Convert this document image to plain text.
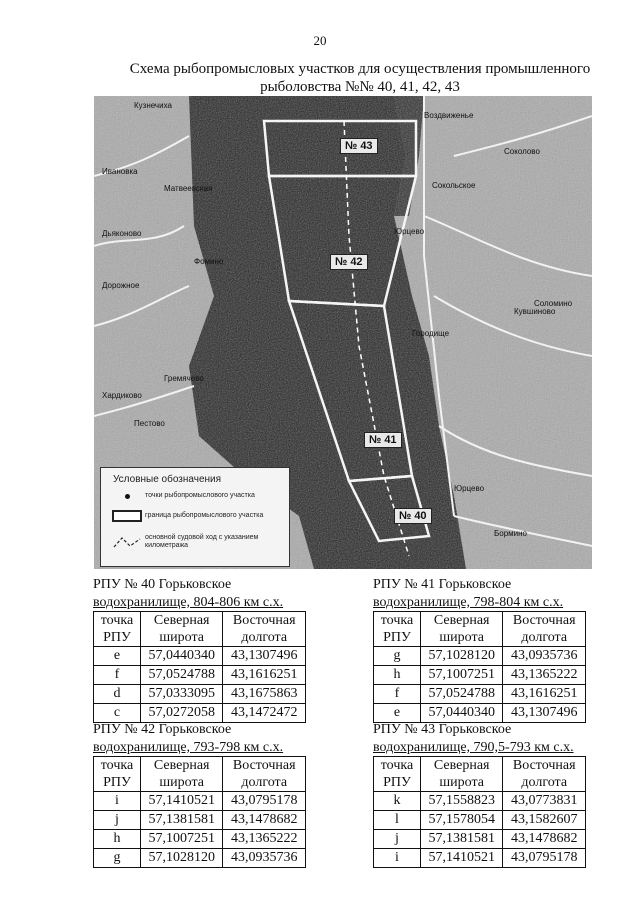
20
Схема рыбопромысловых участков для осуществления промышленного
рыболовства №№ 40, 41, 42, 43
Кузнечиха
Воздвиженье
Соколово
Ивановка
Матвеевская
Дьяконово
Сокольское
Дорожное
Фомино
Юрцево
Городище
Кувшиново
Гремячево
Хардиково
Пестово
Юрцево
Бормино
Соломино
№ 43
№ 42
№ 41
№ 40
Условные обозначения
точки рыбопромыслового участка
граница рыбопромыслового участка
основной судовой ход с указанием километража
РПУ № 40 Горьковское
водохранилище, 804-806 км с.х.
точка РПУ	Северная широта	Восточная долгота
e	57,0440340	43,1307496
f	57,0524788	43,1616251
d	57,0333095	43,1675863
c	57,0272058	43,1472472
РПУ № 41 Горьковское
водохранилище, 798-804 км с.х.
точка РПУ	Северная широта	Восточная долгота
g	57,1028120	43,0935736
h	57,1007251	43,1365222
f	57,0524788	43,1616251
e	57,0440340	43,1307496
РПУ № 42 Горьковское
водохранилище, 793-798 км с.х.
точка РПУ	Северная широта	Восточная долгота
i	57,1410521	43,0795178
j	57,1381581	43,1478682
h	57,1007251	43,1365222
g	57,1028120	43,0935736
РПУ № 43 Горьковское
водохранилище, 790,5-793 км с.х.
точка РПУ	Северная широта	Восточная долгота
k	57,1558823	43,0773831
l	57,1578054	43,1582607
j	57,1381581	43,1478682
i	57,1410521	43,0795178
